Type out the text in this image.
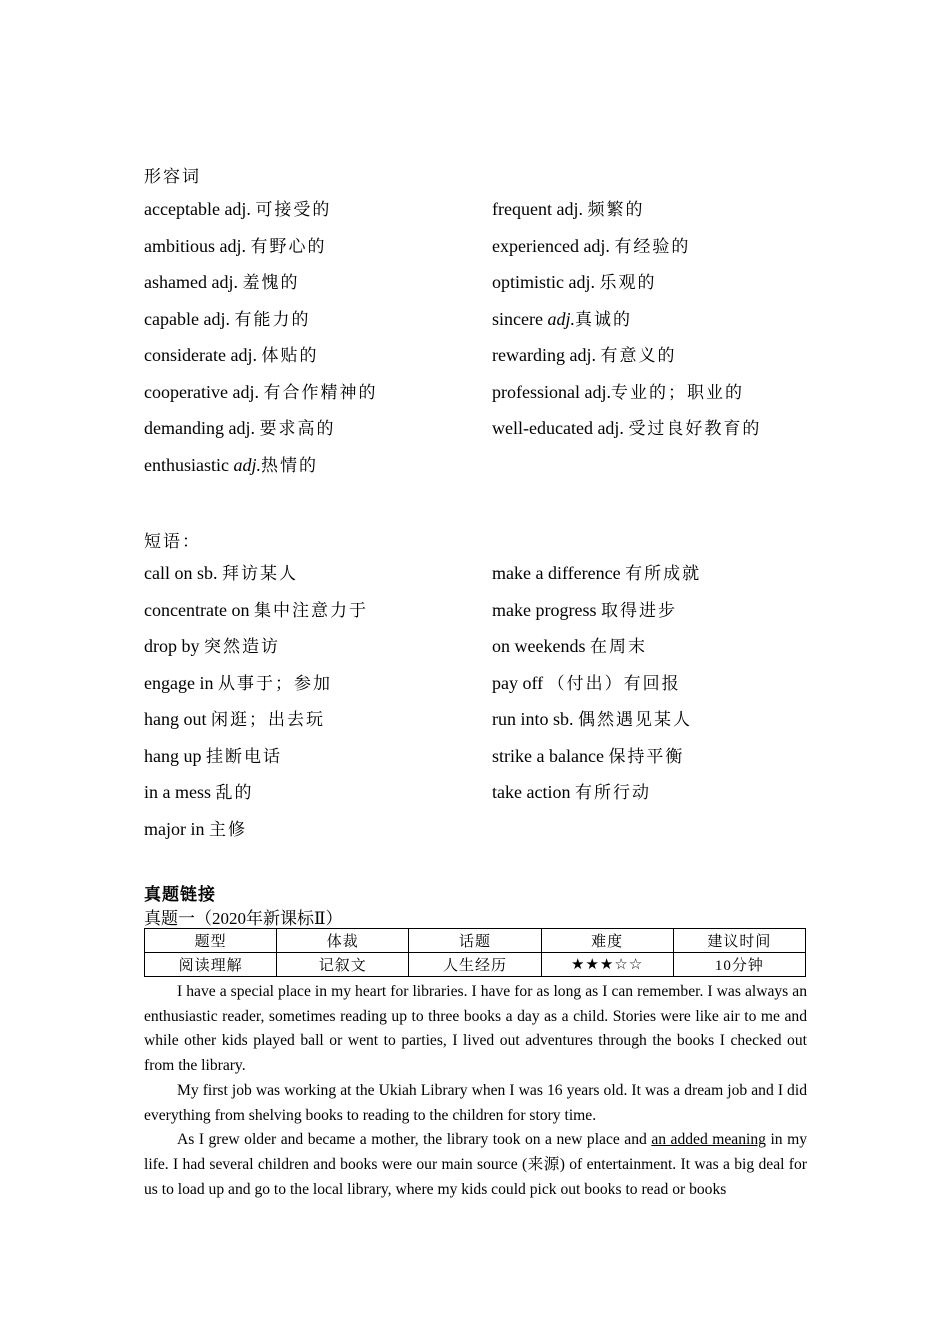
形容词
acceptable adj. 可接受的	frequent adj. 频繁的
ambitious adj. 有野心的	experienced adj. 有经验的
ashamed adj. 羞愧的	optimistic adj. 乐观的
capable adj. 有能力的	sincere adj.真诚的
considerate adj. 体贴的	rewarding adj. 有意义的
cooperative adj. 有合作精神的	professional adj.专业的；职业的
demanding adj. 要求高的	well-educated adj. 受过良好教育的
enthusiastic adj.热情的
短语：
call on sb. 拜访某人	make a difference 有所成就
concentrate on 集中注意力于	make progress 取得进步
drop by 突然造访	on weekends 在周末
engage in 从事于；参加	pay off （付出）有回报
hang out 闲逛；出去玩	run into sb. 偶然遇见某人
hang up 挂断电话	strike a balance 保持平衡
in a mess 乱的	take action 有所行动
major in 主修
真题链接
真题一（2020年新课标Ⅱ）
题型	体裁	话题	难度	建议时间
阅读理解	记叙文	人生经历	★★★☆☆	10分钟

I have a special place in my heart for libraries. I have for as long as I can remember. I was always an enthusiastic reader, sometimes reading up to three books a day as a child. Stories were like air to me and while other kids played ball or went to parties, I lived out adventures through the books I checked out from the library.

My first job was working at the Ukiah Library when I was 16 years old. It was a dream job and I did everything from shelving books to reading to the children for story time.

As I grew older and became a mother, the library took on a new place and an added meaning in my life. I had several children and books were our main source (来源) of entertainment. It was a big deal for us to load up and go to the local library, where my kids could pick out books to read or books
